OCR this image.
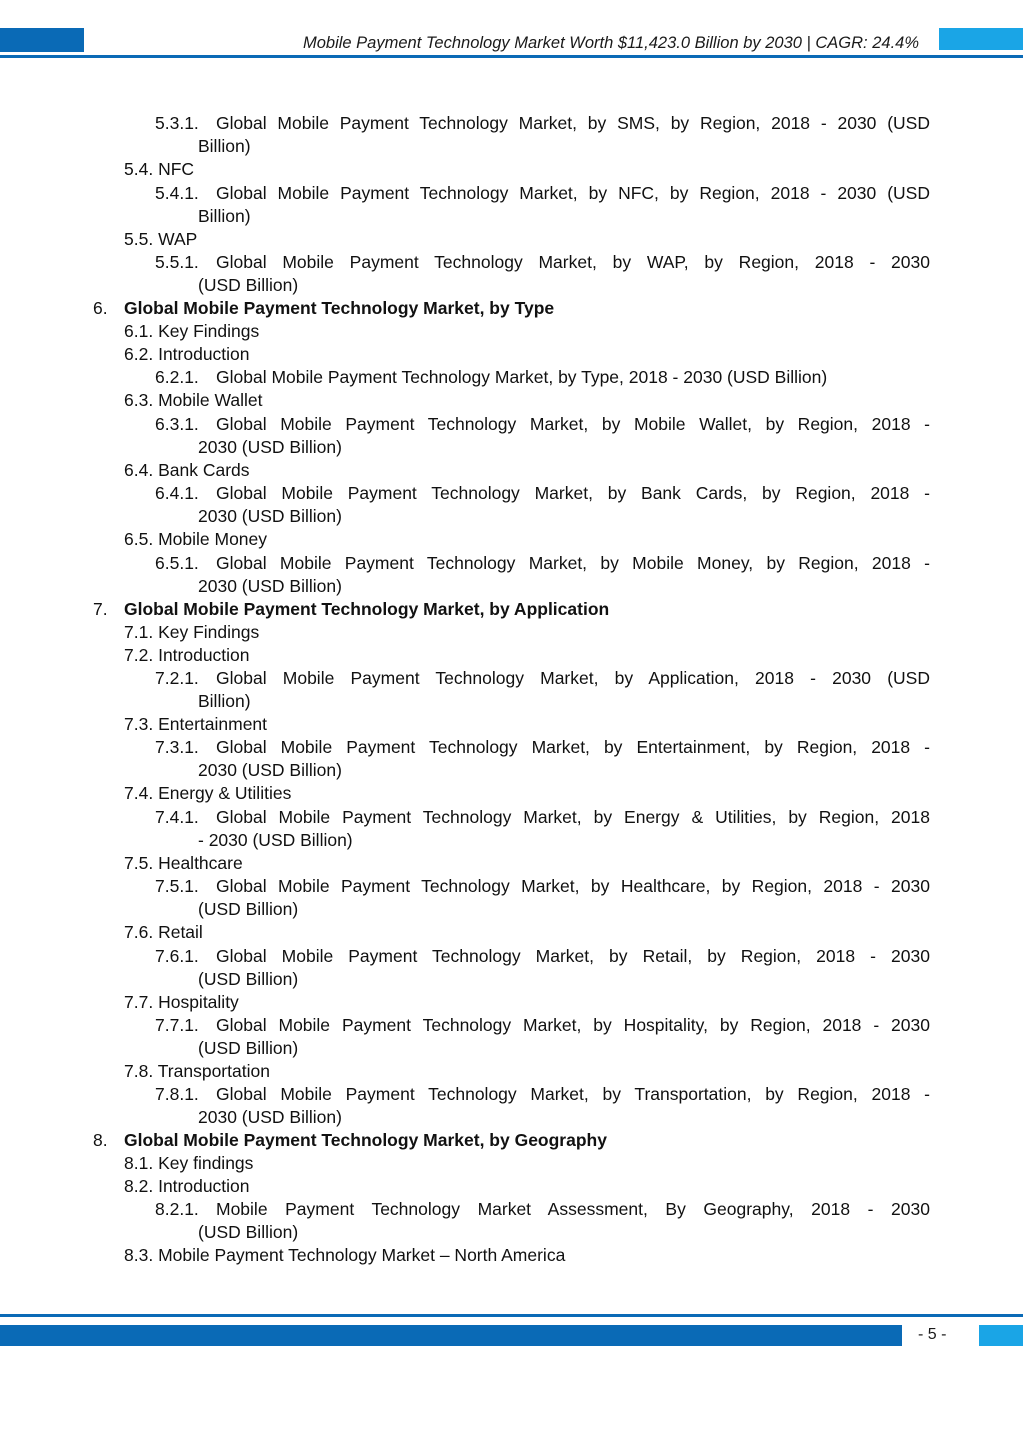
Mobile Payment Technology Market Worth $11,423.0 Billion by 2030 | CAGR: 24.4%
5.3.1. Global Mobile Payment Technology Market, by SMS, by Region, 2018 - 2030 (USD
Billion)
5.4. NFC
5.4.1. Global Mobile Payment Technology Market, by NFC, by Region, 2018 - 2030 (USD
Billion)
5.5. WAP
5.5.1. Global Mobile Payment Technology Market, by WAP, by Region, 2018 - 2030
(USD Billion)
6. Global Mobile Payment Technology Market, by Type
6.1. Key Findings
6.2. Introduction
6.2.1. Global Mobile Payment Technology Market, by Type, 2018 - 2030 (USD Billion)
6.3. Mobile Wallet
6.3.1. Global Mobile Payment Technology Market, by Mobile Wallet, by Region, 2018 -
2030 (USD Billion)
6.4. Bank Cards
6.4.1. Global Mobile Payment Technology Market, by Bank Cards, by Region, 2018 -
2030 (USD Billion)
6.5. Mobile Money
6.5.1. Global Mobile Payment Technology Market, by Mobile Money, by Region, 2018 -
2030 (USD Billion)
7. Global Mobile Payment Technology Market, by Application
7.1. Key Findings
7.2. Introduction
7.2.1. Global Mobile Payment Technology Market, by Application, 2018 - 2030 (USD
Billion)
7.3. Entertainment
7.3.1. Global Mobile Payment Technology Market, by Entertainment, by Region, 2018 -
2030 (USD Billion)
7.4. Energy & Utilities
7.4.1. Global Mobile Payment Technology Market, by Energy & Utilities, by Region, 2018
- 2030 (USD Billion)
7.5. Healthcare
7.5.1. Global Mobile Payment Technology Market, by Healthcare, by Region, 2018 - 2030
(USD Billion)
7.6. Retail
7.6.1. Global Mobile Payment Technology Market, by Retail, by Region, 2018 - 2030
(USD Billion)
7.7. Hospitality
7.7.1. Global Mobile Payment Technology Market, by Hospitality, by Region, 2018 - 2030
(USD Billion)
7.8. Transportation
7.8.1. Global Mobile Payment Technology Market, by Transportation, by Region, 2018 -
2030 (USD Billion)
8. Global Mobile Payment Technology Market, by Geography
8.1. Key findings
8.2. Introduction
8.2.1. Mobile Payment Technology Market Assessment, By Geography, 2018 - 2030
(USD Billion)
8.3. Mobile Payment Technology Market – North America
- 5 -
